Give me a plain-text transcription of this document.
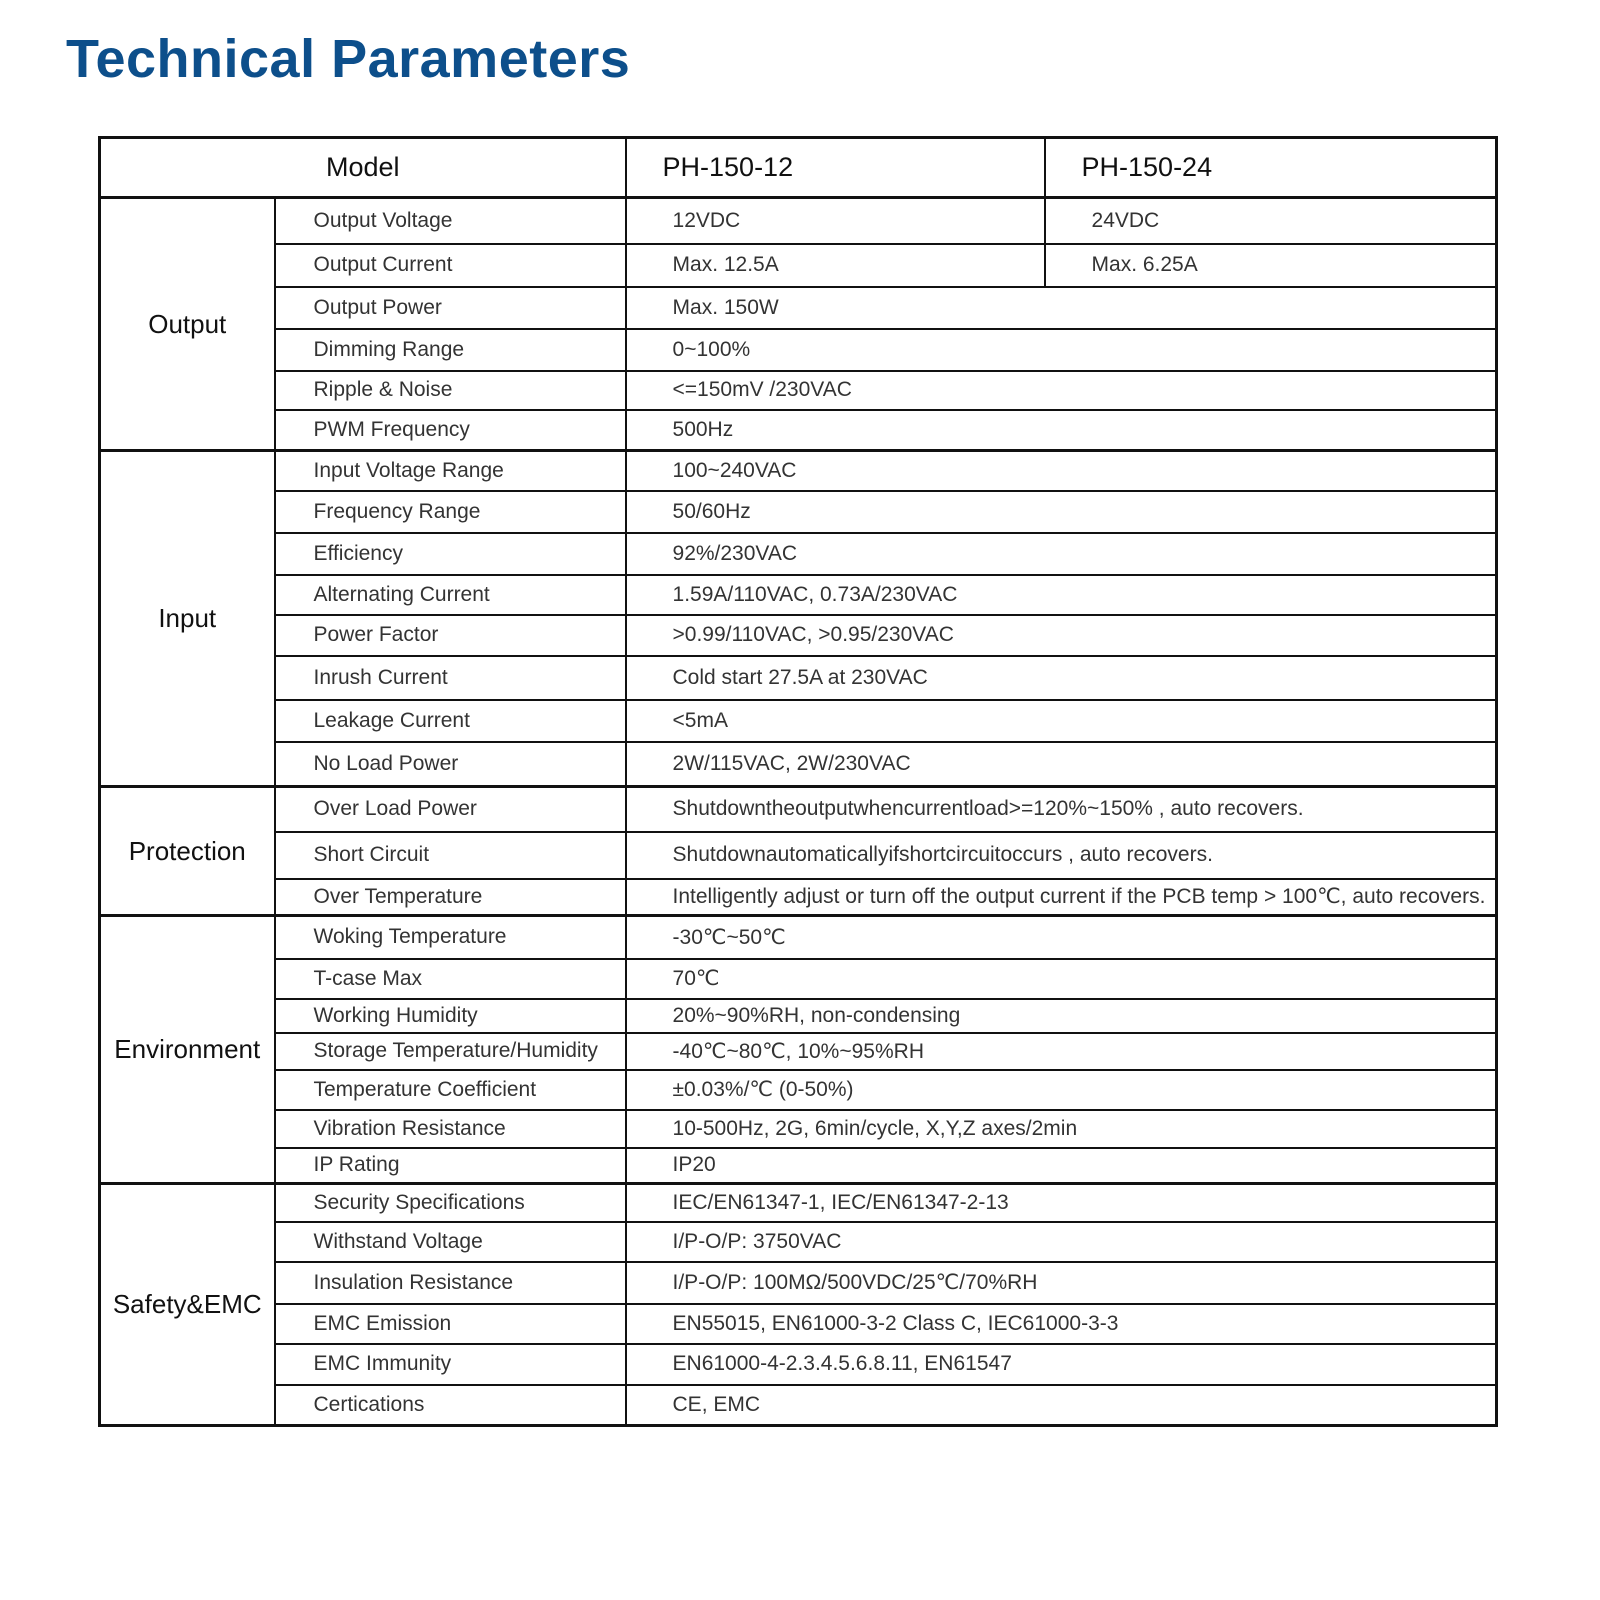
Technical Parameters
Model		PH-150-12	PH-150-24
Output	Output Voltage	12VDC	24VDC
	Output Current	Max. 12.5A	Max. 6.25A
	Output Power	Max. 150W	
	Dimming Range	0~100%	
	Ripple & Noise	<=150mV /230VAC	
	PWM Frequency	500Hz	
Input	Input Voltage Range	100~240VAC	
	Frequency Range	50/60Hz	
	Efficiency	92%/230VAC	
	Alternating Current	1.59A/110VAC, 0.73A/230VAC	
	Power Factor	>0.99/110VAC, >0.95/230VAC	
	Inrush Current	Cold start 27.5A at 230VAC	
	Leakage Current	<5mA	
	No Load Power	2W/115VAC, 2W/230VAC	
Protection	Over Load Power	Shutdowntheoutputwhencurrentload>=120%~150% , auto recovers.	
	Short Circuit	Shutdownautomaticallyifshortcircuitoccurs , auto recovers.	
	Over Temperature	Intelligently adjust or turn off the output current if the PCB temp > 100℃, auto recovers.	
Environment	Woking Temperature	-30℃~50℃	
	T-case Max	70℃	
	Working Humidity	20%~90%RH, non-condensing	
	Storage Temperature/Humidity	-40℃~80℃, 10%~95%RH	
	Temperature Coefficient	±0.03%/℃ (0-50%)	
	Vibration Resistance	10-500Hz, 2G, 6min/cycle, X,Y,Z axes/2min	
	IP Rating	IP20	
Safety&EMC	Security Specifications	IEC/EN61347-1, IEC/EN61347-2-13	
	Withstand Voltage	I/P-O/P: 3750VAC	
	Insulation Resistance	I/P-O/P: 100MΩ/500VDC/25℃/70%RH	
	EMC Emission	EN55015, EN61000-3-2 Class C, IEC61000-3-3	
	EMC Immunity	EN61000-4-2.3.4.5.6.8.11, EN61547	
	Certications	CE, EMC	
